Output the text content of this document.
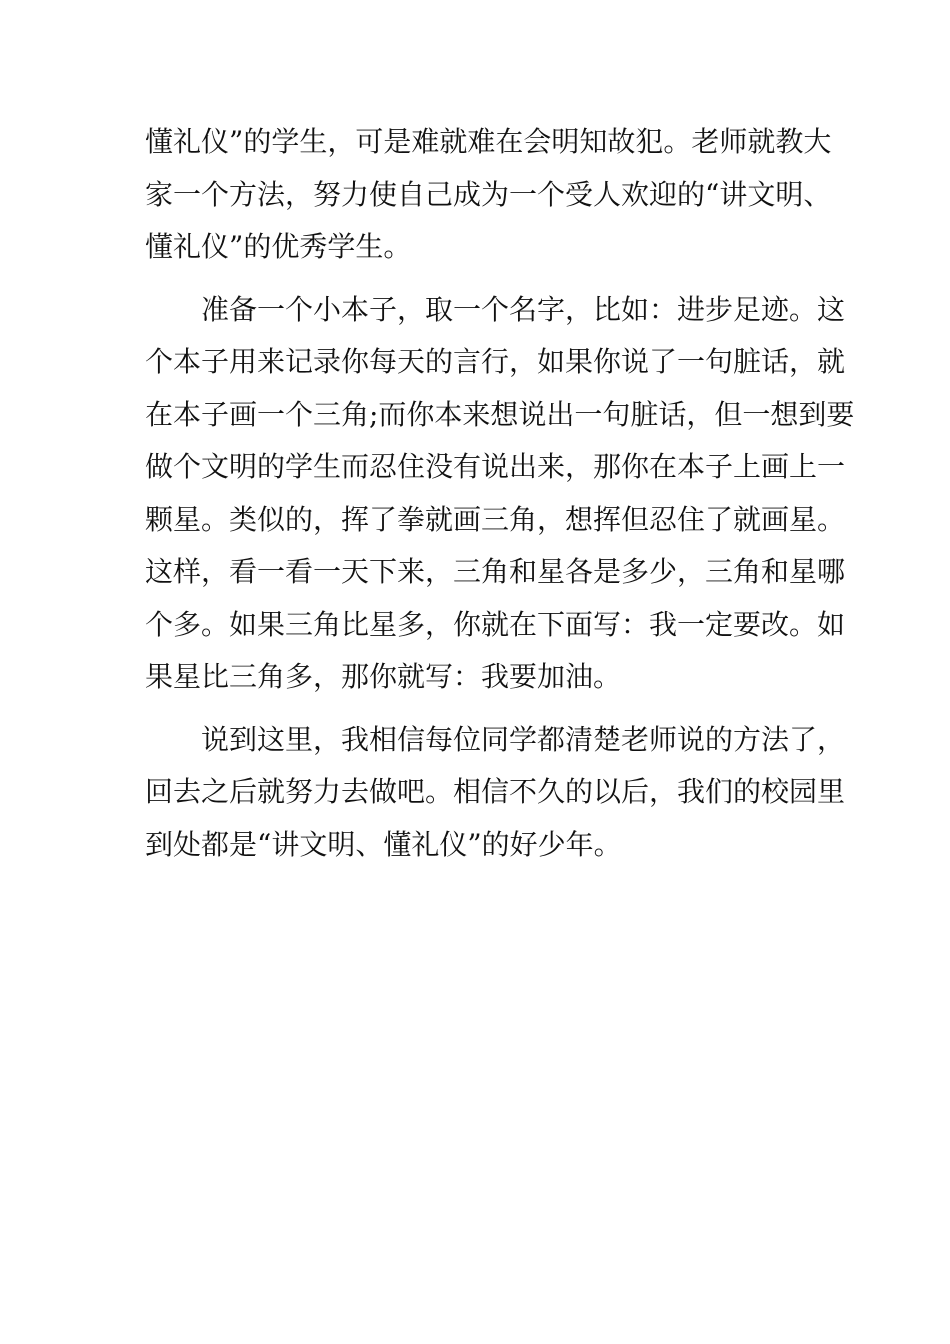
懂礼仪”的学生，可是难就难在会明知故犯。老师就教大
家一个方法，努力使自己成为一个受人欢迎的“讲文明、
懂礼仪”的优秀学生。
准备一个小本子，取一个名字，比如：进步足迹。这
个本子用来记录你每天的言行，如果你说了一句脏话，就
在本子画一个三角;而你本来想说出一句脏话，但一想到要
做个文明的学生而忍住没有说出来，那你在本子上画上一
颗星。类似的，挥了拳就画三角，想挥但忍住了就画星。
这样，看一看一天下来，三角和星各是多少，三角和星哪
个多。如果三角比星多，你就在下面写：我一定要改。如
果星比三角多，那你就写：我要加油。
说到这里，我相信每位同学都清楚老师说的方法了，
回去之后就努力去做吧。相信不久的以后，我们的校园里
到处都是“讲文明、懂礼仪”的好少年。
